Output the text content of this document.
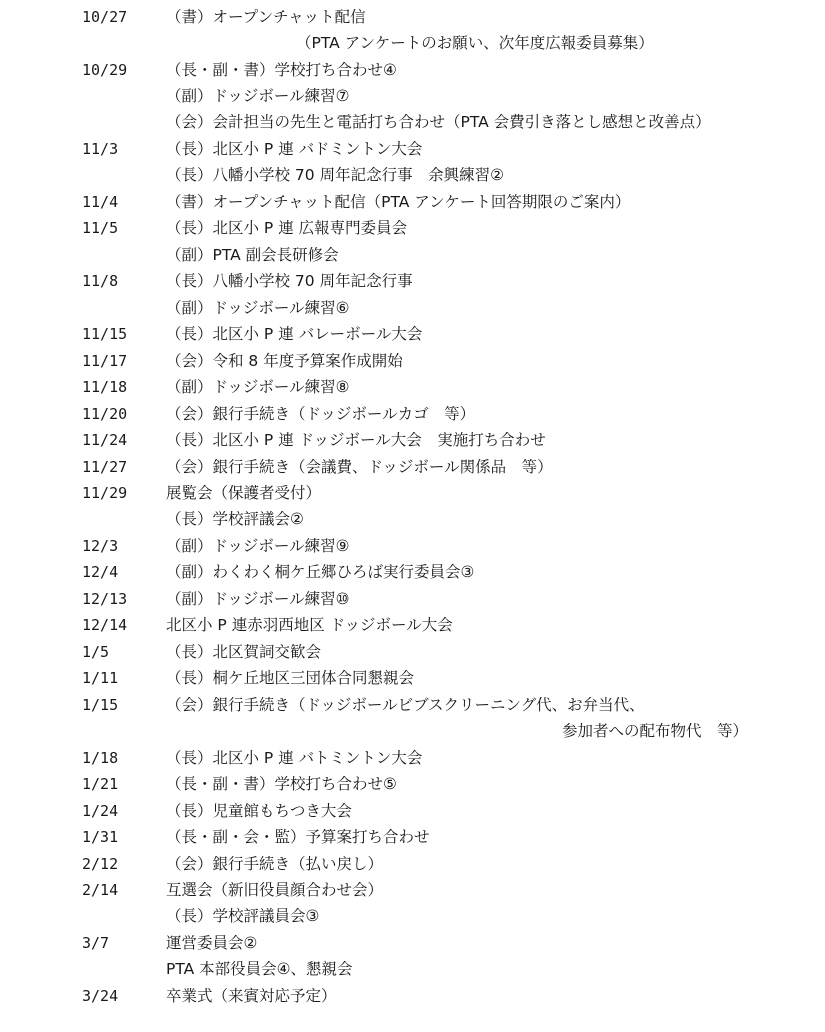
10/27	（書）オープンチャット配信
（PTA アンケートのお願い、次年度広報委員募集）
10/29	（長・副・書）学校打ち合わせ④
（副）ドッジボール練習⑦
（会）会計担当の先生と電話打ち合わせ（PTA 会費引き落とし感想と改善点）
11/3	（長）北区小 P 連 バドミントン大会
（長）八幡小学校 70 周年記念行事　余興練習②
11/4	（書）オープンチャット配信（PTA アンケート回答期限のご案内）
11/5	（長）北区小 P 連 広報専門委員会
（副）PTA 副会長研修会
11/8	（長）八幡小学校 70 周年記念行事
（副）ドッジボール練習⑥
11/15	（長）北区小 P 連 バレーボール大会
11/17	（会）令和 8 年度予算案作成開始
11/18	（副）ドッジボール練習⑧
11/20	（会）銀行手続き（ドッジボールカゴ　等）
11/24	（長）北区小 P 連 ドッジボール大会　実施打ち合わせ
11/27	（会）銀行手続き（会議費、ドッジボール関係品　等）
11/29	展覧会（保護者受付）
（長）学校評議会②
12/3	（副）ドッジボール練習⑨
12/4	（副）わくわく桐ケ丘郷ひろば実行委員会③
12/13	（副）ドッジボール練習⑩
12/14	北区小 P 連赤羽西地区 ドッジボール大会
1/5	（長）北区賀詞交歓会
1/11	（長）桐ケ丘地区三団体合同懇親会
1/15	（会）銀行手続き（ドッジボールビブスクリーニング代、お弁当代、
参加者への配布物代　等）
1/18	（長）北区小 P 連 バトミントン大会
1/21	（長・副・書）学校打ち合わせ⑤
1/24	（長）児童館もちつき大会
1/31	（長・副・会・監）予算案打ち合わせ
2/12	（会）銀行手続き（払い戻し）
2/14	互選会（新旧役員顔合わせ会）
（長）学校評議員会③
3/7	運営委員会②
PTA 本部役員会④、懇親会
3/24	卒業式（来賓対応予定）
